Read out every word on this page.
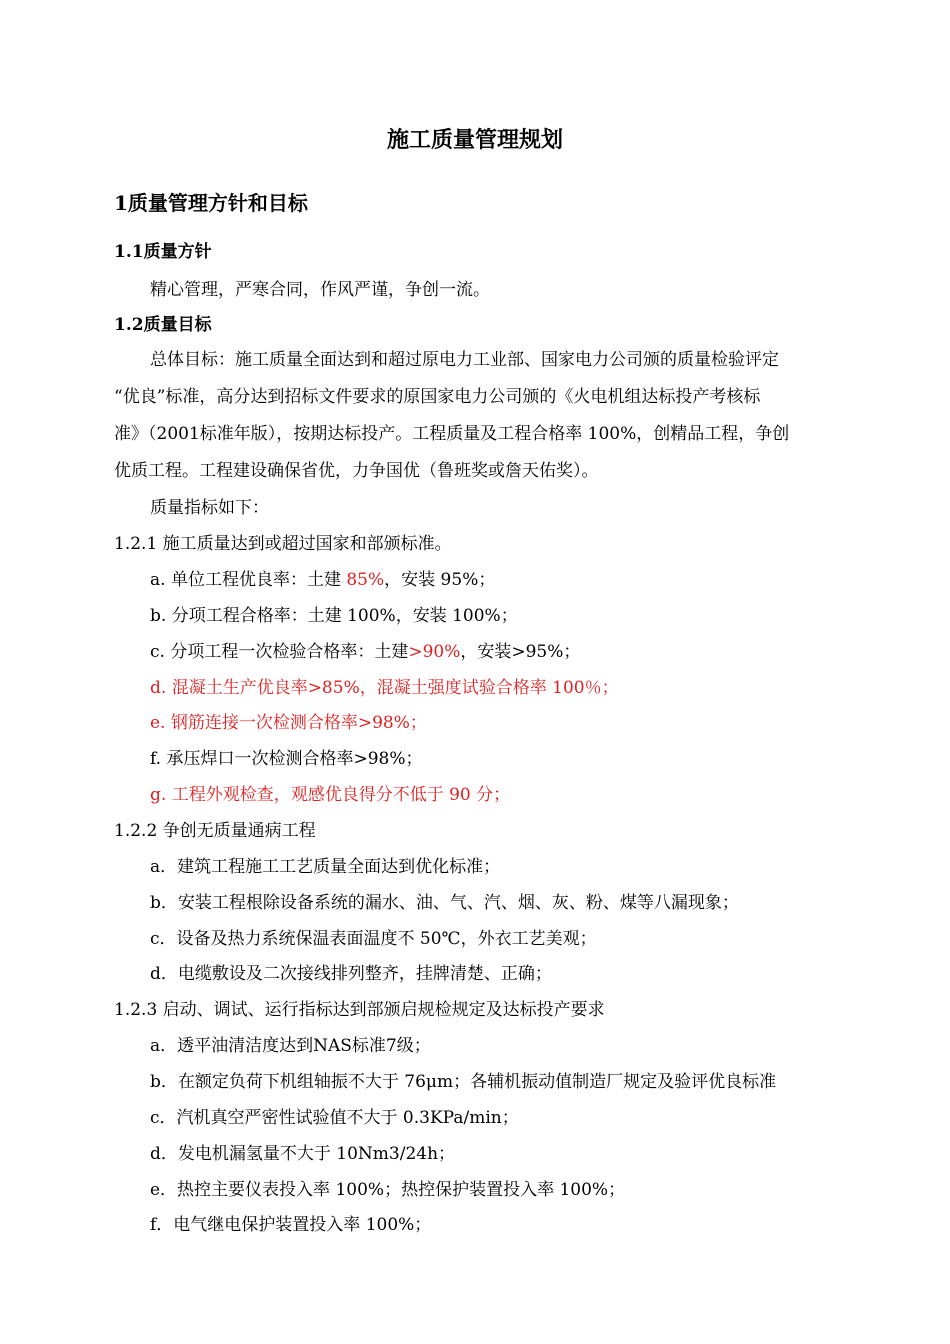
施工质量管理规划
1质量管理方针和目标
1.1质量方针
精心管理，严寒合同，作风严谨，争创一流。
1.2质量目标
总体目标：施工质量全面达到和超过原电力工业部、国家电力公司颁的质量检验评定
“优良”标准，高分达到招标文件要求的原国家电力公司颁的《火电机组达标投产考核标
准》（2001标准年版），按期达标投产。工程质量及工程合格率 100%，创精品工程，争创
优质工程。工程建设确保省优，力争国优（鲁班奖或詹天佑奖）。
质量指标如下：
1.2.1 施工质量达到或超过国家和部颁标准。
a. 单位工程优良率：土建 85%，安装 95%；
b. 分项工程合格率：土建 100%，安装 100%；
c. 分项工程一次检验合格率：土建>90%，安装>95%；
d. 混凝土生产优良率>85%，混凝土强度试验合格率 100％；
e. 钢筋连接一次检测合格率>98%；
f. 承压焊口一次检测合格率>98%；
g. 工程外观检查，观感优良得分不低于 90 分；
1.2.2 争创无质量通病工程
a．建筑工程施工工艺质量全面达到优化标准；
b．安装工程根除设备系统的漏水、油、气、汽、烟、灰、粉、煤等八漏现象；
c．设备及热力系统保温表面温度不 50℃，外衣工艺美观；
d．电缆敷设及二次接线排列整齐，挂牌清楚、正确；
1.2.3 启动、调试、运行指标达到部颁启规检规定及达标投产要求
a．透平油清洁度达到NAS标准7级；
b．在额定负荷下机组轴振不大于 76μm；各辅机振动值制造厂规定及验评优良标准
c．汽机真空严密性试验值不大于 0.3KPa/min；
d．发电机漏氢量不大于 10Nm3/24h；
e．热控主要仪表投入率 100%；热控保护装置投入率 100%；
f．电气继电保护装置投入率 100%；
